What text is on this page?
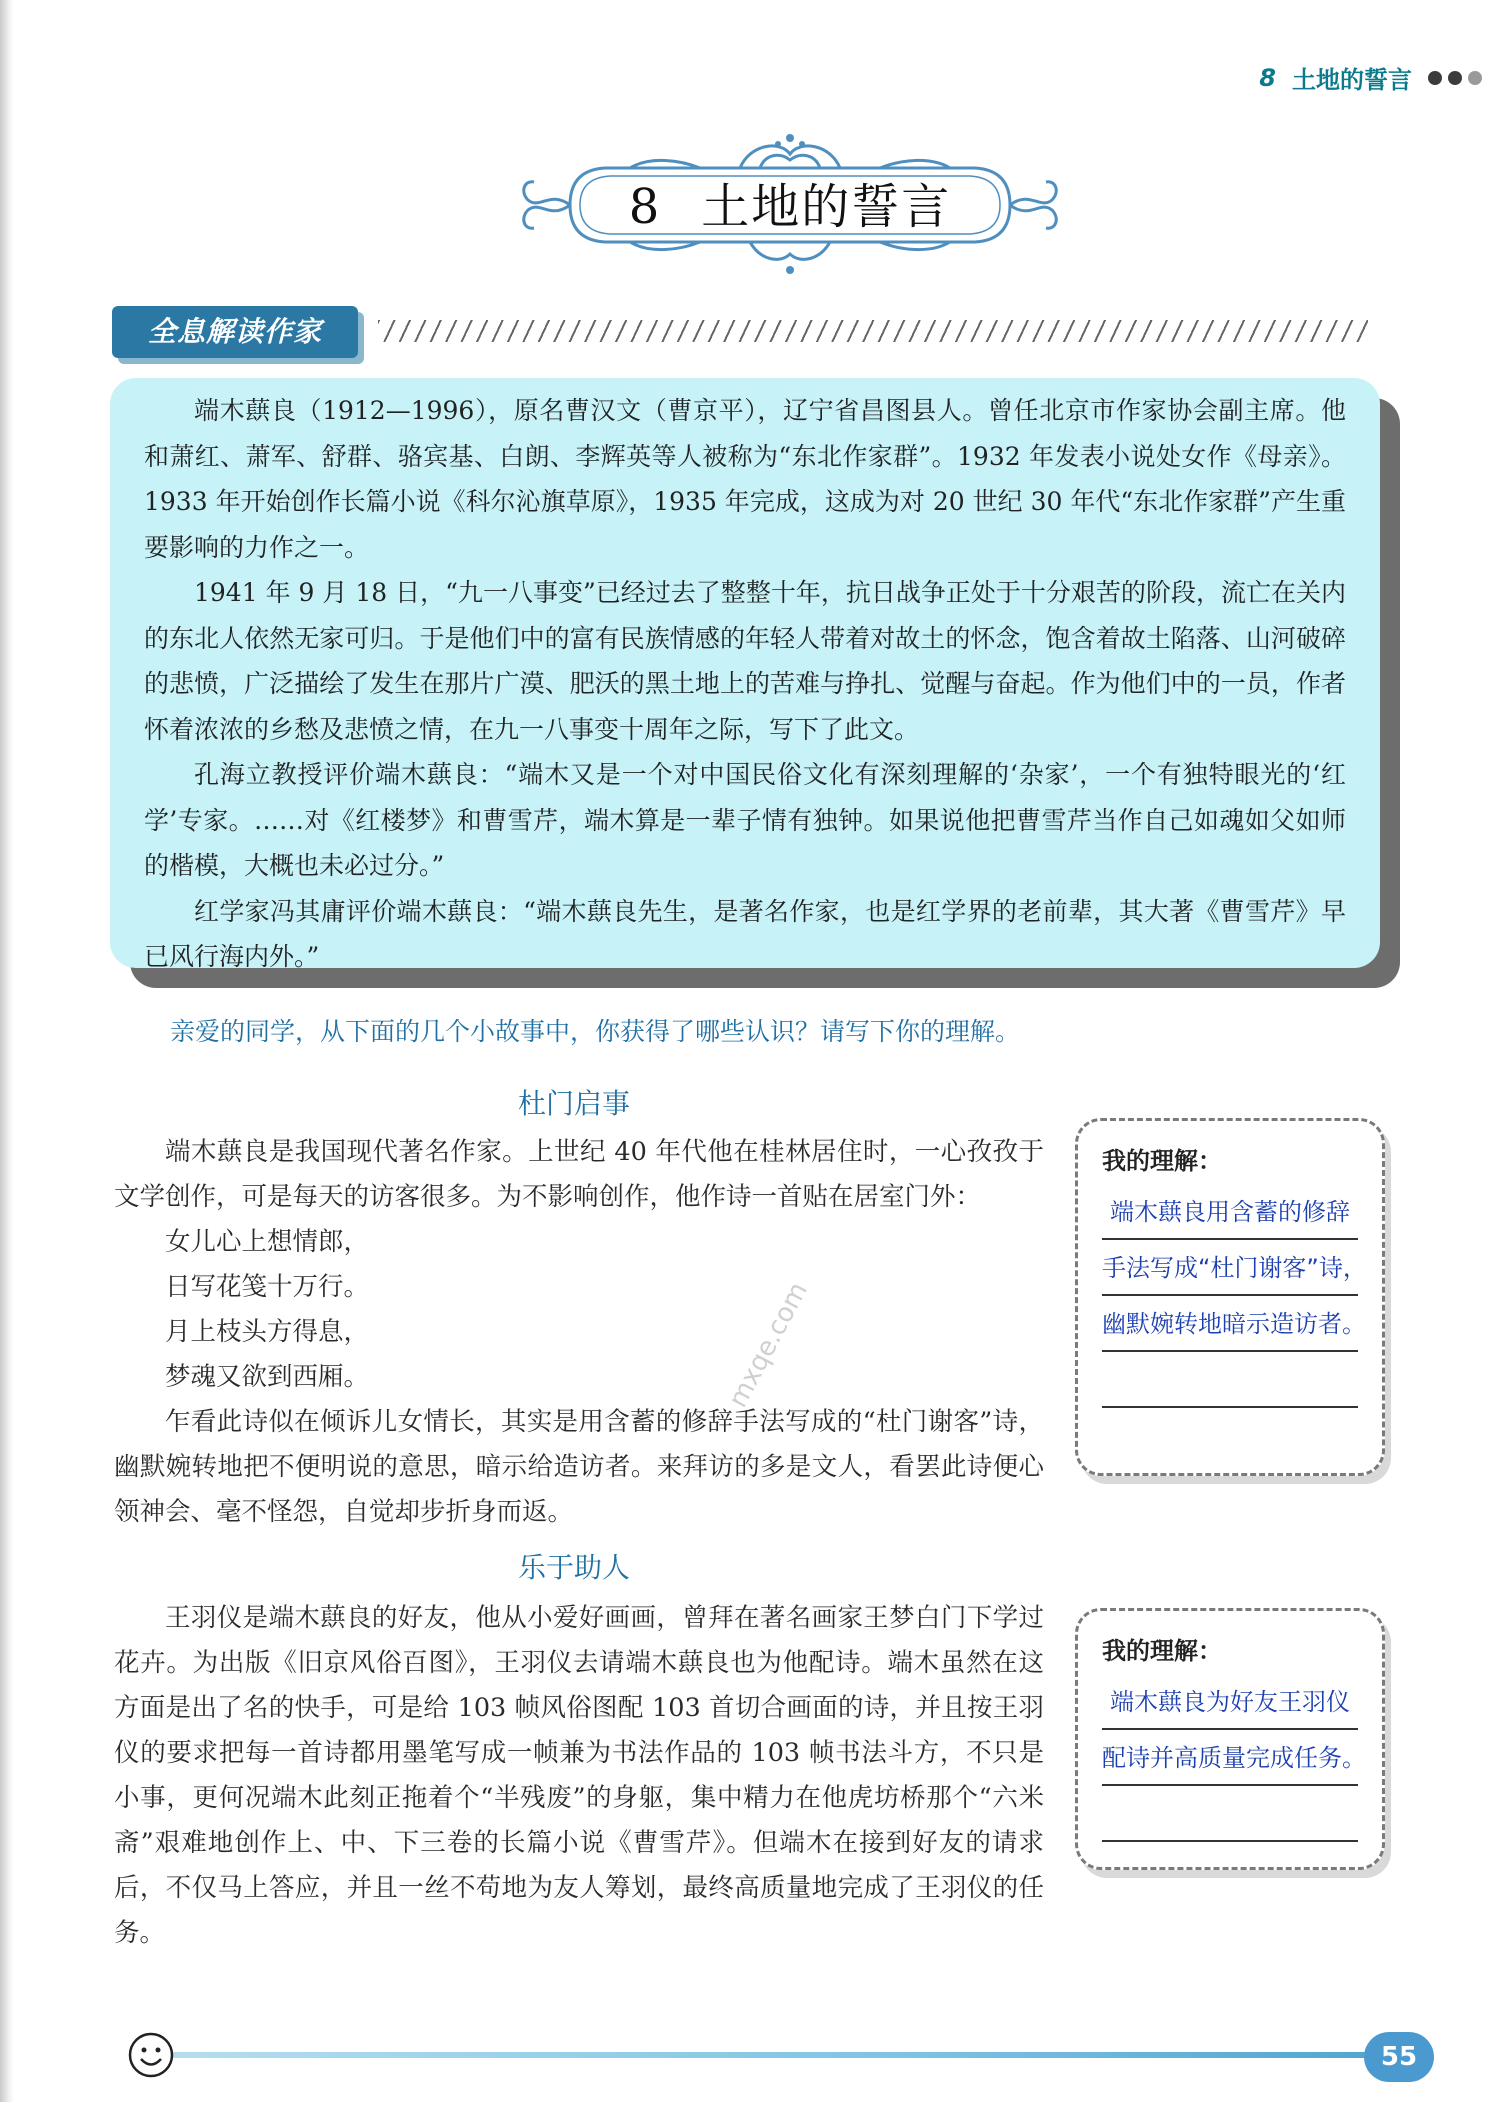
8 土地的誓言
8 土地的誓言
全息解读作家

端木蕻良（1912—1996），原名曹汉文（曹京平），辽宁省昌图县人。曾任北京市作家协会副主席。他和萧红、萧军、舒群、骆宾基、白朗、李辉英等人被称为“东北作家群”。1932 年发表小说处女作《母亲》。1933 年开始创作长篇小说《科尔沁旗草原》，1935 年完成，这成为对 20 世纪 30 年代“东北作家群”产生重要影响的力作之一。

1941 年 9 月 18 日，“九一八事变”已经过去了整整十年，抗日战争正处于十分艰苦的阶段，流亡在关内的东北人依然无家可归。于是他们中的富有民族情感的年轻人带着对故土的怀念，饱含着故土陷落、山河破碎的悲愤，广泛描绘了发生在那片广漠、肥沃的黑土地上的苦难与挣扎、觉醒与奋起。作为他们中的一员，作者怀着浓浓的乡愁及悲愤之情，在九一八事变十周年之际，写下了此文。

孔海立教授评价端木蕻良：“端木又是一个对中国民俗文化有深刻理解的‘杂家’，一个有独特眼光的‘红学’专家。……对《红楼梦》和曹雪芹，端木算是一辈子情有独钟。如果说他把曹雪芹当作自己如魂如父如师的楷模，大概也未必过分。”

红学家冯其庸评价端木蕻良：“端木蕻良先生，是著名作家，也是红学界的老前辈，其大著《曹雪芹》早已风行海内外。”

亲爱的同学，从下面的几个小故事中，你获得了哪些认识？请写下你的理解。
杜门启事

端木蕻良是我国现代著名作家。上世纪 40 年代他在桂林居住时，一心孜孜于文学创作，可是每天的访客很多。为不影响创作，他作诗一首贴在居室门外：

女儿心上想情郎，

日写花笺十万行。

月上枝头方得息，

梦魂又欲到西厢。

乍看此诗似在倾诉儿女情长，其实是用含蓄的修辞手法写成的“杜门谢客”诗，幽默婉转地把不便明说的意思，暗示给造访者。来拜访的多是文人，看罢此诗便心领神会、毫不怪怨，自觉却步折身而返。

我的理解：
端木蕻良用含蓄的修辞
手法写成“杜门谢客”诗，
幽默婉转地暗示造访者。
mxqe.com
乐于助人

王羽仪是端木蕻良的好友，他从小爱好画画，曾拜在著名画家王梦白门下学过花卉。为出版《旧京风俗百图》，王羽仪去请端木蕻良也为他配诗。端木虽然在这方面是出了名的快手，可是给 103 帧风俗图配 103 首切合画面的诗，并且按王羽仪的要求把每一首诗都用墨笔写成一帧兼为书法作品的 103 帧书法斗方，不只是小事，更何况端木此刻正拖着个“半残废”的身躯，集中精力在他虎坊桥那个“六米斋”艰难地创作上、中、下三卷的长篇小说《曹雪芹》。但端木在接到好友的请求后，不仅马上答应，并且一丝不苟地为友人筹划，最终高质量地完成了王羽仪的任务。

我的理解：
端木蕻良为好友王羽仪
配诗并高质量完成任务。
55
